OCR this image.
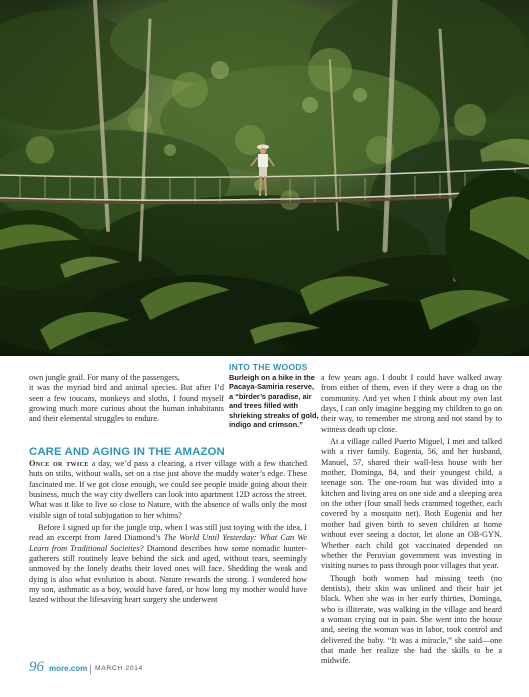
INTO THE WOODS
Burleigh on a hike in the Pacaya-Samiria reserve, a “birder’s paradise, air and trees filled with shrieking streaks of gold, indigo and crimson.”

own jungle grail. For many of the passengers,

it was the myriad bird and animal species. But after I’d seen a few toucans, monkeys and sloths, I found myself growing much more curious about the human inhabitants and their elemental struggles to endure.

CARE AND AGING IN THE AMAZON

Once or twice a day, we’d pass a clearing, a river village with a few thatched huts on stilts, without walls, set on a rise just above the muddy water’s edge. These fascinated me. If we got close enough, we could see people inside going about their business, much the way city dwellers can look into apartment 12D across the street. What was it like to live so close to Nature, with the absence of walls only the most visible sign of total subjugation to her whims?

Before I signed up for the jungle trip, when I was still just toying with the idea, I read an excerpt from Jared Diamond’s The World Until Yesterday: What Can We Learn from Traditional Societies? Diamond describes how some nomadic hunter-gatherers still routinely leave behind the sick and aged, without tears, seemingly unmoved by the lonely deaths their loved ones will face. Shedding the weak and dying is also what evolution is about. Nature rewards the strong. I wondered how my son, asthmatic as a boy, would have fared, or how long my mother would have lasted without the lifesaving heart surgery she underwent

a few years ago. I doubt I could have walked away from either of them, even if they were a drag on the community. And yet when I think about my own last days, I can only imagine begging my children to go on their way, to remember me strong and not stand by to witness death up close.

At a village called Puerto Miguel, I met and talked with a river family. Eugenia, 56, and her husband, Manuel, 57, shared their wall-less house with her mother, Dominga, 84, and their youngest child, a teenage son. The one-room hut was divided into a kitchen and living area on one side and a sleeping area on the other (four small beds crammed together, each covered by a mosquito net). Both Eugenia and her mother had given birth to seven children at home without ever seeing a doctor, let alone an OB-GYN. Whether each child got vaccinated depended on whether the Peruvian government was investing in visiting nurses to pass through poor villages that year.

Though both women had missing teeth (no dentists), their skin was unlined and their hair jet black. When she was in her early thirties, Dominga, who is illiterate, was walking in the village and heard a woman crying out in pain. She went into the house and, seeing the woman was in labor, took control and delivered the baby. “It was a miracle,” she said—one that made her realize she had the skills to be a midwife.

96 more.com MARCH 2014
